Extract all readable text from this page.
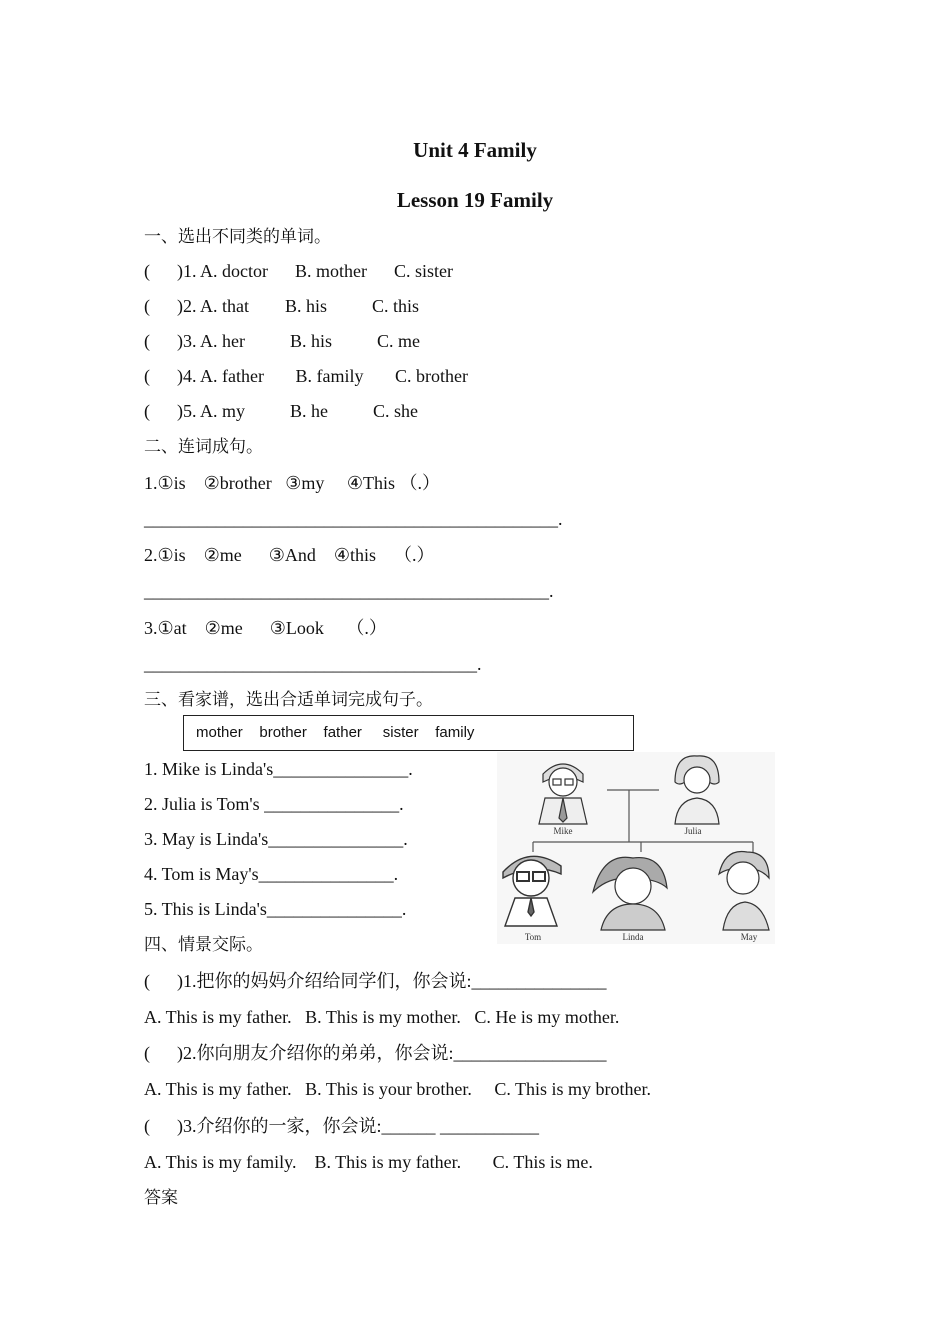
Unit 4 Family
Lesson 19 Family
一、选出不同类的单词。
(      )1. A. doctor      B. mother      C. sister
(      )2. A. that        B. his          C. this
(      )3. A. her          B. his          C. me
(      )4. A. father       B. family       C. brother
(      )5. A. my          B. he          C. she
二、连词成句。
1.①is    ②brother   ③my     ④This （.）
______________________________________________.
2.①is    ②me      ③And    ④this    （.）
_____________________________________________.
3.①at    ②me      ③Look     （.）
_____________________________________.
三、看家谱，选出合适单词完成句子。
mother    brother    father     sister    family
1. Mike is Linda's_______________.
2. Julia is Tom's _______________.
3. May is Linda's_______________.
4. Tom is May's_______________.
5. This is Linda's_______________.
Mike	Julia
Tom	Linda	May
四、情景交际。
(      )1.把你的妈妈介绍给同学们，你会说:_______________
A. This is my father.   B. This is my mother.   C. He is my mother.
(      )2.你向朋友介绍你的弟弟，你会说:_________________
A. This is my father.   B. This is your brother.     C. This is my brother.
(      )3.介绍你的一家，你会说:______ ___________
A. This is my family.    B. This is my father.       C. This is me.
答案
